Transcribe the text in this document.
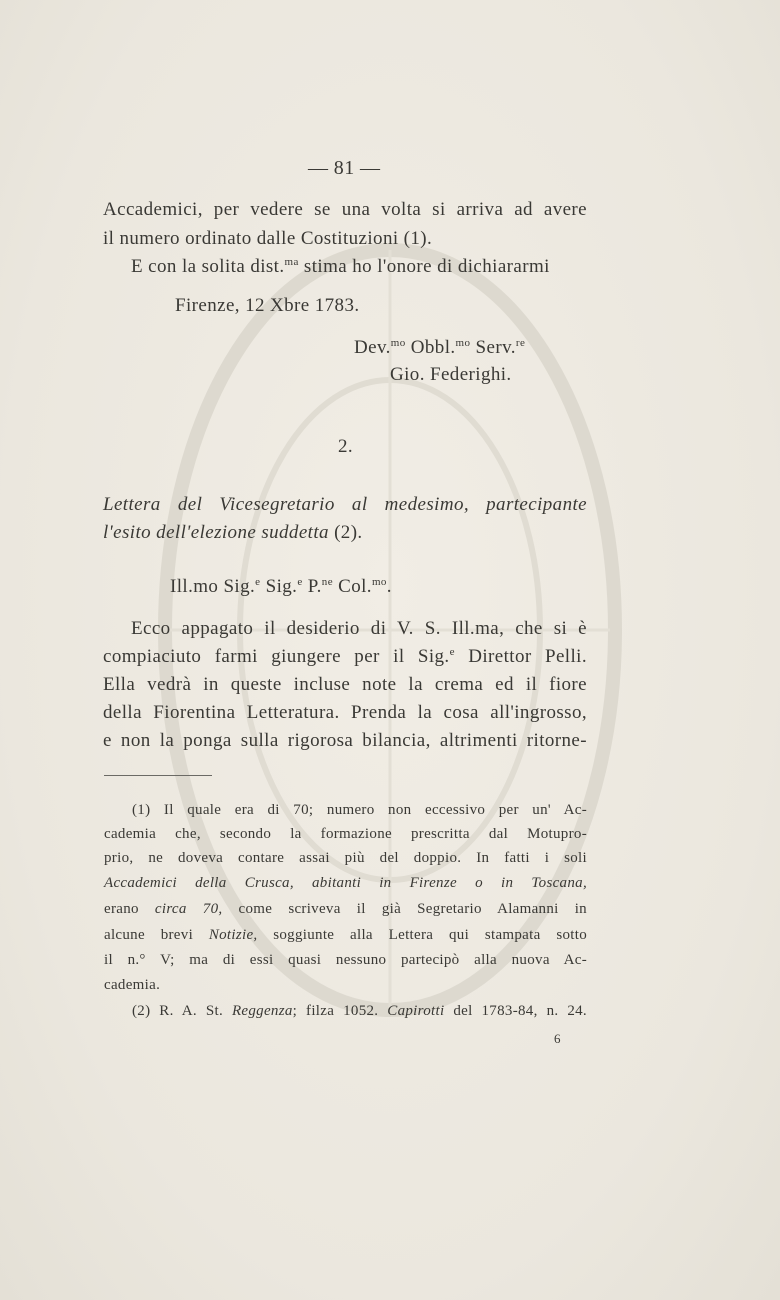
— 81 —
Accademici, per vedere se una volta si arriva ad avere
il numero ordinato dalle Costituzioni (1).
E con la solita dist.$^{ma}$ stima ho l'onore di dichiararmi
Firenze, 12 Xbre 1783.
Dev.$^{mo}$ Obbl.$^{mo}$ Serv.$^{re}$
Gio. Federighi.
2.
Lettera del Vicesegretario al medesimo, partecipante
l'esito dell'elezione suddetta (2).
Ill.mo Sig.$^e$ Sig.$^e$ P.$^{ne}$ Col.$^{mo}$.
Ecco appagato il desiderio di V. S. Ill.ma, che si è
compiaciuto farmi giungere per il Sig.$^e$ Direttor Pelli.
Ella vedrà in queste incluse note la crema ed il fiore
della Fiorentina Letteratura. Prenda la cosa all'ingrosso,
e non la ponga sulla rigorosa bilancia, altrimenti ritorne-
(1) Il quale era di 70; numero non eccessivo per un' Ac-
cademia che, secondo la formazione prescritta dal Motupro-
prio, ne doveva contare assai più del doppio. In fatti i soli
Accademici della Crusca, abitanti in Firenze o in Toscana,
erano circa 70, come scriveva il già Segretario Alamanni in
alcune brevi Notizie, soggiunte alla Lettera qui stampata sotto
il n.° V; ma di essi quasi nessuno partecipò alla nuova Ac-
cademia.
(2) R. A. St. Reggenza; filza 1052. Capirotti del 1783-84, n. 24.
6
